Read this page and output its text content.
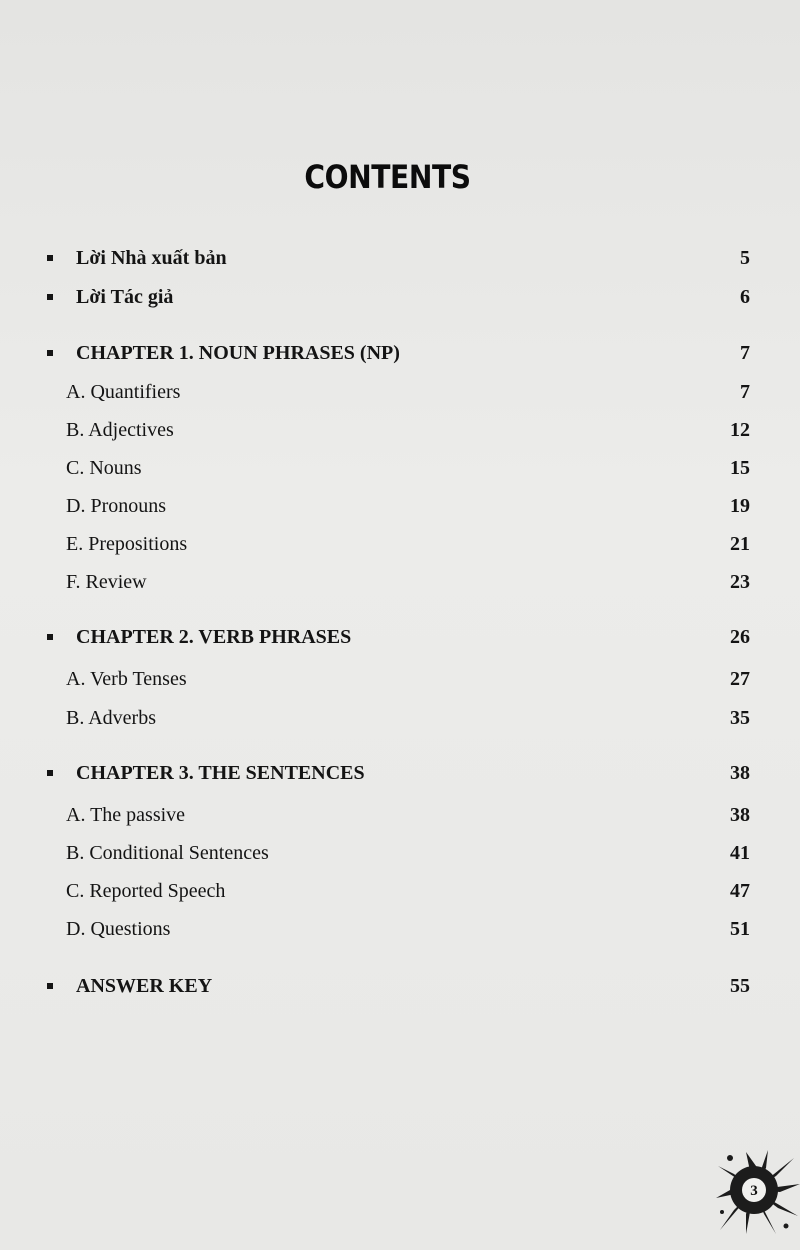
CONTENTS
Lời Nhà xuất bản	5
Lời Tác giả	6
CHAPTER 1. NOUN PHRASES (NP)	7
A. Quantifiers	7
B. Adjectives	12
C. Nouns	15
D. Pronouns	19
E. Prepositions	21
F. Review	23
CHAPTER 2. VERB PHRASES	26
A. Verb Tenses	27
B. Adverbs	35
CHAPTER 3. THE SENTENCES	38
A. The passive	38
B. Conditional Sentences	41
C. Reported Speech	47
D. Questions	51
ANSWER KEY	55
3
